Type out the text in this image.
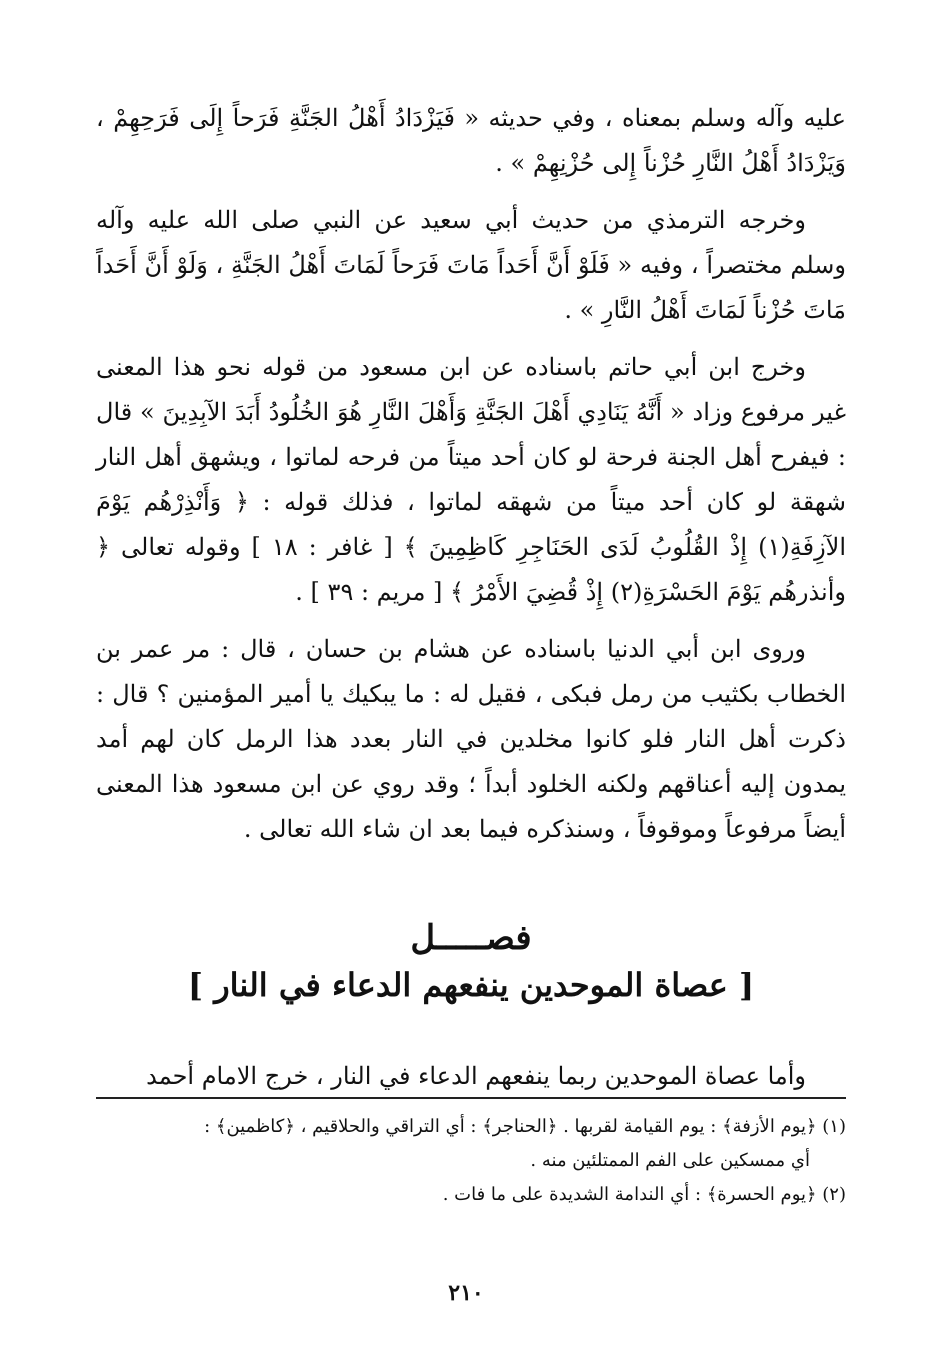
عليه وآله وسلم بمعناه ، وفي حديثه « فَيَزْدَادُ أَهْلُ الجَنَّةِ فَرَحاً إِلَى فَرَحِهِمْ ، وَيَزْدَادُ أَهْلُ النَّارِ حُزْناً إِلى حُزْنِهِمْ » .

وخرجه الترمذي من حديث أبي سعيد عن النبي صلى الله عليه وآله وسلم مختصراً ، وفيه « فَلَوْ أَنَّ أَحَداً مَاتَ فَرَحاً لَمَاتَ أَهْلُ الجَنَّةِ ، وَلَوْ أَنَّ أَحَداً مَاتَ حُزْناً لَمَاتَ أَهْلُ النَّارِ » .

وخرج ابن أبي حاتم باسناده عن ابن مسعود من قوله نحو هذا المعنى غير مرفوع وزاد « أَنَّهُ يَنَادِي أَهْلَ الجَنَّةِ وَأَهْلَ النَّارِ هُوَ الخُلُودُ أَبَدَ الآبِدِينَ » قال : فيفرح أهل الجنة فرحة لو كان أحد ميتاً من فرحه لماتوا ، ويشهق أهل النار شهقة لو كان أحد ميتاً من شهقه لماتوا ، فذلك قوله : ﴿ وَأَنْذِرْهُم يَوْمَ الآزِفَةِ(١) إِذْ القُلُوبُ لَدَى الحَنَاجِرِ كَاظِمِينَ ﴾ [ غافر : ١٨ ] وقوله تعالى ﴿ وأنذرهُم يَوْمَ الحَسْرَةِ(٢) إِذْ قُضِيَ الأَمْرُ ﴾ [ مريم : ٣٩ ] .

وروى ابن أبي الدنيا باسناده عن هشام بن حسان ، قال : مر عمر بن الخطاب بكثيب من رمل فبكى ، فقيل له : ما يبكيك يا أمير المؤمنين ؟ قال : ذكرت أهل النار فلو كانوا مخلدين في النار بعدد هذا الرمل كان لهم أمد يمدون إليه أعناقهم ولكنه الخلود أبداً ؛ وقد روي عن ابن مسعود هذا المعنى أيضاً مرفوعاً وموقوفاً ، وسنذكره فيما بعد ان شاء الله تعالى .

فصـــــل
[ عصاة الموحدين ينفعهم الدعاء في النار ]

وأما عصاة الموحدين ربما ينفعهم الدعاء في النار ، خرج الامام أحمد

(١) ﴿يوم الأزفة﴾ : يوم القيامة لقربها . ﴿الحناجر﴾ : أي التراقي والحلاقيم ، ﴿كاظمين﴾ :

أي ممسكين على الفم الممتلئين منه .

(٢) ﴿يوم الحسرة﴾ : أي الندامة الشديدة على ما فات .

٢١٠
